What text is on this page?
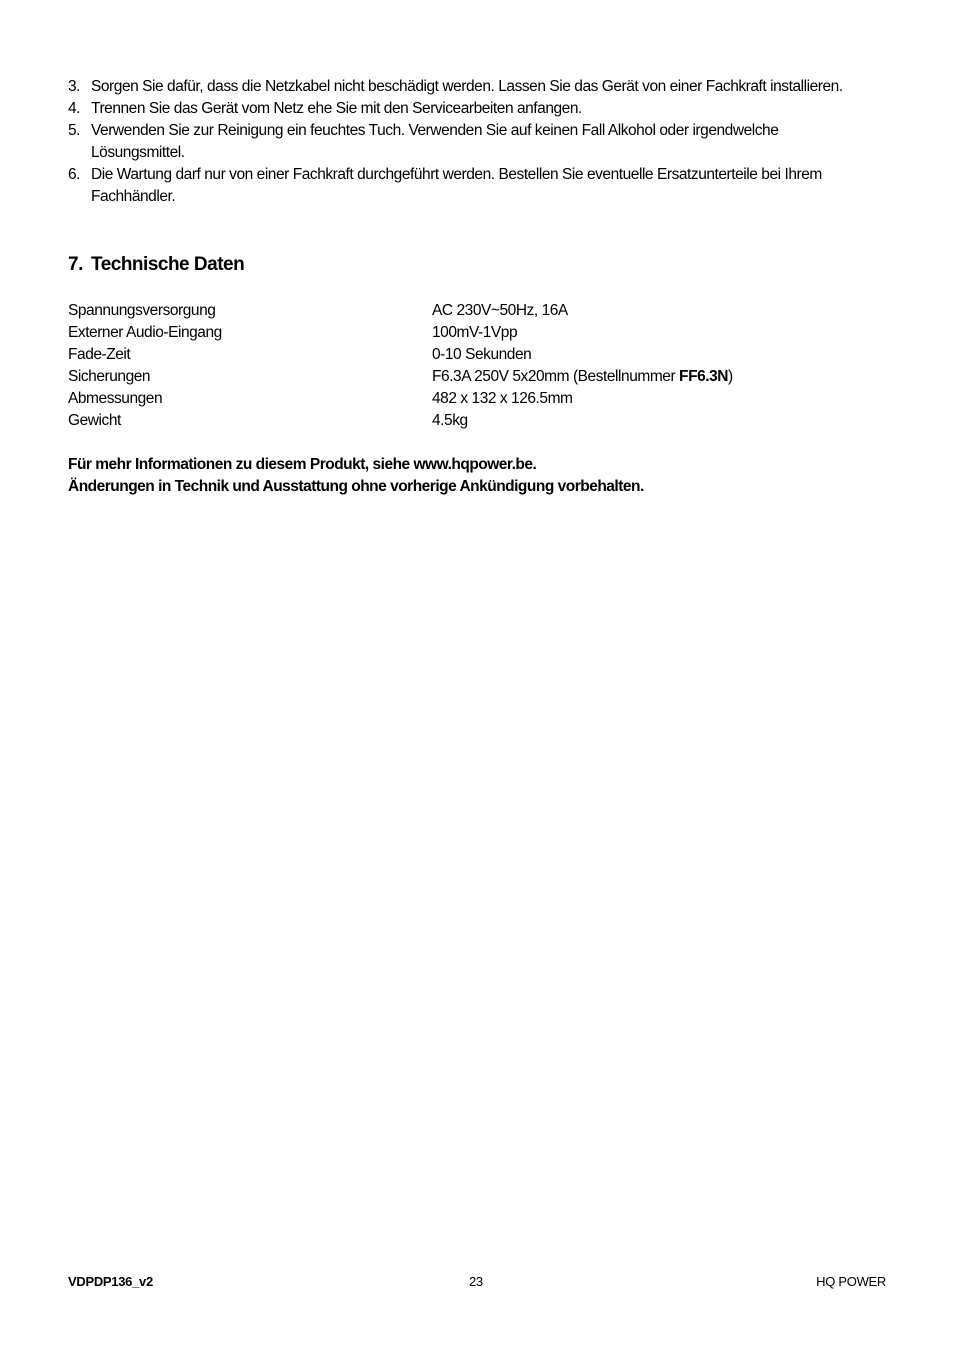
3. Sorgen Sie dafür, dass die Netzkabel nicht beschädigt werden. Lassen Sie das Gerät von einer Fachkraft installieren.
4. Trennen Sie das Gerät vom Netz ehe Sie mit den Servicearbeiten anfangen.
5. Verwenden Sie zur Reinigung ein feuchtes Tuch. Verwenden Sie auf keinen Fall Alkohol oder irgendwelche Lösungsmittel.
6. Die Wartung darf nur von einer Fachkraft durchgeführt werden. Bestellen Sie eventuelle Ersatzunterteile bei Ihrem Fachhändler.
7. Technische Daten
Spannungsversorgung	AC 230V~50Hz, 16A
Externer Audio-Eingang	100mV-1Vpp
Fade-Zeit	0-10 Sekunden
Sicherungen	F6.3A 250V 5x20mm (Bestellnummer FF6.3N)
Abmessungen	482 x 132 x 126.5mm
Gewicht	4.5kg
Für mehr Informationen zu diesem Produkt, siehe www.hqpower.be.
Änderungen in Technik und Ausstattung ohne vorherige Ankündigung vorbehalten.
VDPDP136_v2	23	HQ POWER
